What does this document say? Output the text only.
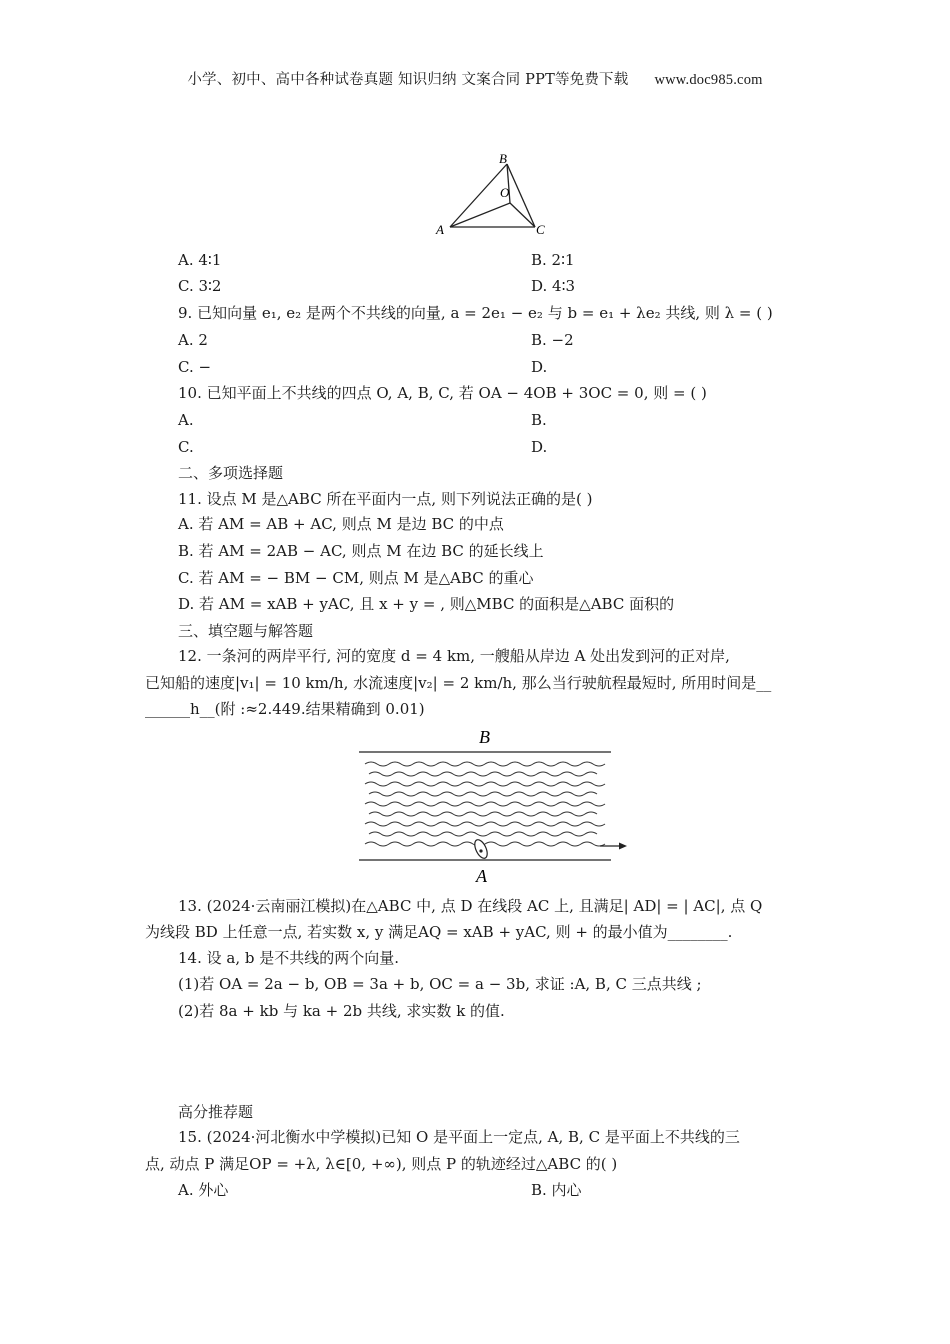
小学、初中、高中各种试卷真题 知识归纳 文案合同 PPT等免费下载 www.doc985.com
B
O
A	C
A. 4∶1	B. 2∶1
C. 3∶2	D. 4∶3
9. 已知向量 e₁, e₂ 是两个不共线的向量, a = 2e₁ − e₂ 与 b = e₁ + λe₂ 共线, 则 λ = ( )
A. 2	B. −2
C. −	D.
10. 已知平面上不共线的四点 O, A, B, C, 若 OA − 4OB + 3OC = 0, 则 = ( )
A.	B.
C.	D.
二、多项选择题
11. 设点 M 是△ABC 所在平面内一点, 则下列说法正确的是( )
A. 若 AM = AB + AC, 则点 M 是边 BC 的中点
B. 若 AM = 2AB − AC, 则点 M 在边 BC 的延长线上
C. 若 AM = − BM − CM, 则点 M 是△ABC 的重心
D. 若 AM = xAB + yAC, 且 x + y = , 则△MBC 的面积是△ABC 面积的
三、填空题与解答题
12. 一条河的两岸平行, 河的宽度 d = 4 km, 一艘船从岸边 A 处出发到河的正对岸,
已知船的速度|v₁| = 10 km/h, 水流速度|v₂| = 2 km/h, 那么当行驶航程最短时, 所用时间是__
______h__(附 :≈2.449.结果精确到 0.01)
B
A
13. (2024·云南丽江模拟)在△ABC 中, 点 D 在线段 AC 上, 且满足| AD| = | AC|, 点 Q
为线段 BD 上任意一点, 若实数 x, y 满足AQ = xAB + yAC, 则 + 的最小值为________.
14. 设 a, b 是不共线的两个向量.
(1)若 OA = 2a − b, OB = 3a + b, OC = a − 3b, 求证 :A, B, C 三点共线 ;
(2)若 8a + kb 与 ka + 2b 共线, 求实数 k 的值.
高分推荐题
15. (2024·河北衡水中学模拟)已知 O 是平面上一定点, A, B, C 是平面上不共线的三
点, 动点 P 满足OP = +λ, λ∈[0, +∞), 则点 P 的轨迹经过△ABC 的( )
A. 外心	B. 内心
